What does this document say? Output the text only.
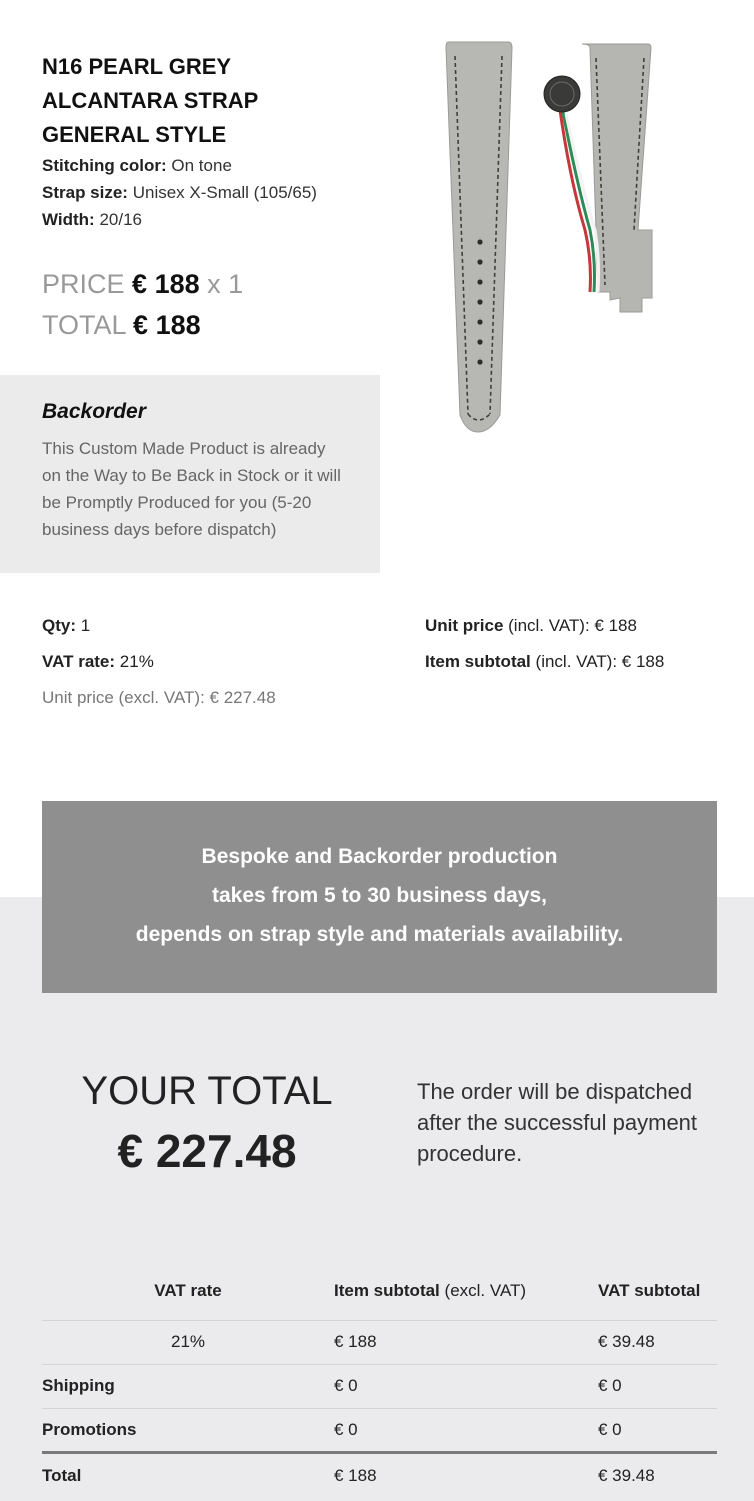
N16 PEARL GREY ALCANTARA STRAP GENERAL STYLE
Stitching color: On tone
Strap size: Unisex X-Small (105/65)
Width: 20/16
PRICE € 188 x 1
TOTAL € 188
Backorder
This Custom Made Product is already on the Way to Be Back in Stock or it will be Promptly Produced for you (5-20 business days before dispatch)
Qty: 1
VAT rate: 21%
Unit price (excl. VAT): € 227.48
Unit price (incl. VAT): € 188
Item subtotal (incl. VAT): € 188
Bespoke and Backorder production
takes from 5 to 30 business days,
depends on strap style and materials availability.
YOUR TOTAL
€ 227.48
The order will be dispatched after the successful payment procedure.
VAT rate	Item subtotal (excl. VAT)	VAT subtotal
21%	€ 188	€ 39.48
Shipping	€ 0	€ 0
Promotions	€ 0	€ 0
Total	€ 188	€ 39.48
